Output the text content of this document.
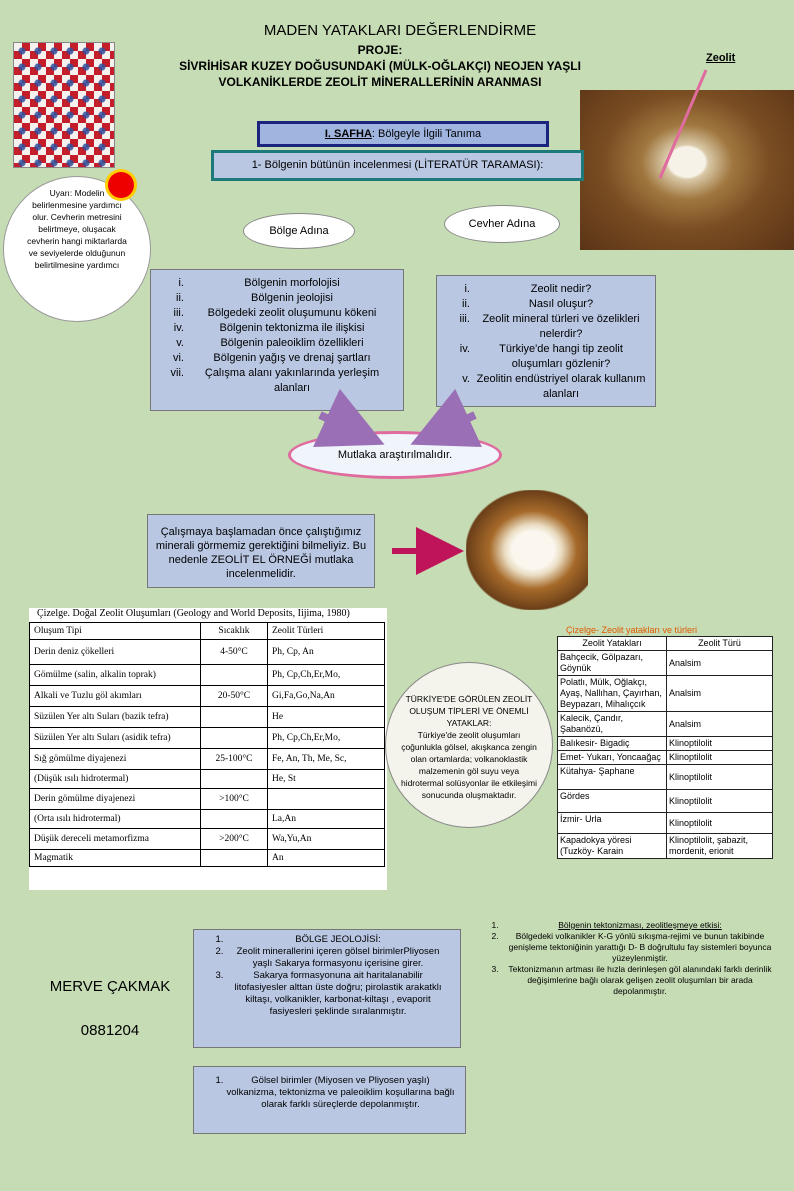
MADEN YATAKLARI DEĞERLENDİRME
PROJE:
SİVRİHİSAR KUZEY DOĞUSUNDAKİ (MÜLK-OĞLAKÇI) NEOJEN YAŞLI
VOLKANİKLERDE ZEOLİT MİNERALLERİNİN ARANMASI
Zeolit
I. SAFHA: Bölgeyle İlgili Tanıma
1- Bölgenin bütünün incelenmesi (LİTERATÜR TARAMASI):
Uyarı: Modelin belirlenmesine yardımcı olur. Cevherin metresini belirtmeye, oluşacak cevherin hangi miktarlarda ve seviyelerde olduğunun belirtilmesine yardımcı
Bölge Adına
Cevher Adına
i. Bölgenin morfolojisi
ii. Bölgenin jeolojisi
iii. Bölgedeki zeolit oluşumunu kökeni
iv. Bölgenin tektonizma ile ilişkisi
v. Bölgenin paleoiklim özellikleri
vi. Bölgenin yağış ve drenaj şartları
vii. Çalışma alanı yakınlarında yerleşim alanları
i. Zeolit nedir?
ii. Nasıl oluşur?
iii. Zeolit mineral türleri ve özelikleri nelerdir?
iv. Türkiye'de hangi tip zeolit oluşumları gözlenir?
v. Zeolitin endüstriyel olarak kullanım alanları
Mutlaka araştırılmalıdır.
Çalışmaya başlamadan önce çalıştığımız minerali görmemiz gerektiğini bilmeliyiz. Bu nedenle ZEOLİT EL ÖRNEĞİ mutlaka incelenmelidir.
Çizelge. Doğal Zeolit Oluşumları (Geology and World Deposits, Iijima, 1980)
Oluşum Tipi	Sıcaklık	Zeolit Türleri
Derin deniz çökelleri	4-50°C	Ph, Cp, An
Gömülme (salin, alkalin toprak)		Ph, Cp,Ch,Er,Mo,
Alkali ve Tuzlu göl akımları	20-50°C	Gi,Fa,Go,Na,An
Süzülen Yer altı Suları (bazik tefra)		He
Süzülen Yer altı Suları (asidik tefra)		Ph, Cp,Ch,Er,Mo,
Sığ gömülme diyajenezi	25-100°C	Fe, An, Th, Me, Sc,
(Düşük ısılı hidrotermal)		He, St
Derin gömülme diyajenezi	>100°C	
(Orta ısılı hidrotermal)		La,An
Düşük dereceli metamorfizma	>200°C	Wa,Yu,An
Magmatik		An
Çizelge- Zeolit yatakları ve türleri
Zeolit Yatakları	Zeolit Türü
Bahçecik, Gölpazarı, Göynük	Analsim
Polatlı, Mülk, Oğlakçı, Ayaş, Nallıhan, Çayırhan, Beypazarı, Mihalıçcık	Analsim
Kalecik, Çandır, Şabanözü,	Analsim
Balıkesir- Bigadiç	Klinoptilolit
Emet- Yukarı, Yoncaağaç	Klinoptilolit
Kütahya- Şaphane	Klinoptilolit
Gördes	Klinoptilolit
İzmir- Urla	Klinoptilolit
Kapadokya yöresi (Tuzköy- Karain	Klinoptilolit, şabazit, mordenit, erionit
TÜRKİYE'DE GÖRÜLEN ZEOLİT OLUŞUM TİPLERİ VE ÖNEMLİ YATAKLAR:
Türkiye'de zeolit oluşumları çoğunlukla gölsel, akışkanca zengin olan ortamlarda; volkanoklastik malzemenin göl suyu veya hidrotermal solüsyonlar ile etkileşimi sonucunda oluşmaktadır.
MERVE ÇAKMAK
0881204
1. BÖLGE JEOLOJİSİ:
2. Zeolit minerallerini içeren gölsel birimlerPliyosen yaşlı Sakarya formasyonu içerisine girer.
3. Sakarya formasyonuna ait haritalanabilir litofasiyesler alttan üste doğru; pirolastik arakatklı kiltaşı, volkanikler, karbonat-kiltaşı , evaporit fasiyesleri şeklinde sıralanmıştır.
1. Gölsel birimler (Miyosen ve Pliyosen yaşlı) volkanizma, tektonizma ve paleoiklim koşullarına bağlı olarak farklı süreçlerde depolanmıştır.
1. Bölgenin tektonizması, zeolitleşmeye etkisi:
2. Bölgedeki volkanikler K-G yönlü sıkışma-rejimi ve bunun takibinde genişleme tektoniğinin yarattığı D- B doğrultulu fay sistemleri boyunca yüzeylenmiştir.
3. Tektonizmanın artması ile hızla derinleşen göl alanındaki farklı derinlik değişimlerine bağlı olarak gelişen zeolit oluşumları bir arada depolanmıştır.
